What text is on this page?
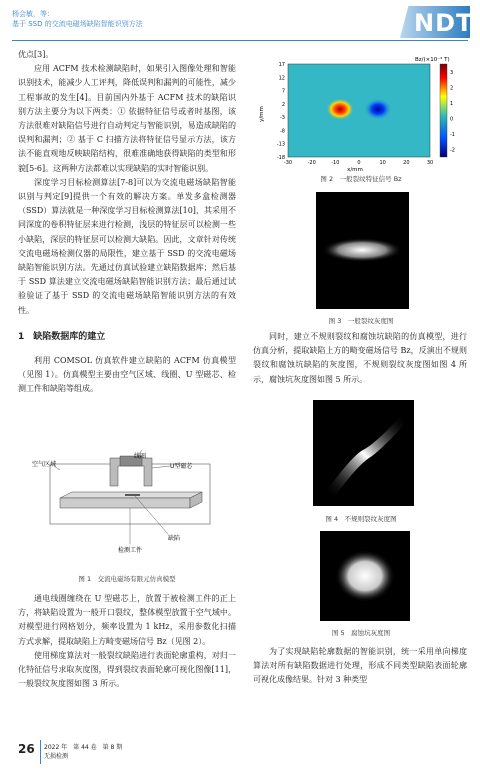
杨会敏，等：
基于 SSD 的交流电磁场缺陷智能识别方法	NDT

优点[3]。

应用 ACFM 技术检测缺陷时，如果引入图像处理和智能识别技术，能减少人工评判，降低误判和漏判的可能性，减少工程事故的发生[4]。目前国内外基于 ACFM 技术的缺陷识别方法主要分为以下两类：① 依据特征信号或者时基图，该方法很难对缺陷信号进行自动判定与智能识别，易造成缺陷的误判和漏判；② 基于 C 扫描方法将特征信号显示方法，该方法不能直观地反映缺陷结构，很难准确地获得缺陷的类型和形貌[5-6]。这两种方法都难以实现缺陷的实时智能识别。

深度学习目标检测算法[7-8]可以为交流电磁场缺陷智能识别与判定[9]提供一个有效的解决方案。单发多盒检测器（SSD）算法就是一种深度学习目标检测算法[10]，其采用不同深度的卷积特征层来进行检测，浅层的特征层可以检测一些小缺陷，深层的特征层可以检测大缺陷。因此，文章针对传统交流电磁场检测仪器的局限性，建立基于 SSD 的交流电磁场缺陷智能识别方法。先通过仿真试验建立缺陷数据库；然后基于 SSD 算法建立交流电磁场缺陷智能识别方法；最后通过试验验证了基于 SSD 的交流电磁场缺陷智能识别方法的有效性。

1　缺陷数据库的建立

利用 COMSOL 仿真软件建立缺陷的 ACFM 仿真模型（见图 1）。仿真模型主要由空气区域、线圈、U 型磁芯、检测工件和缺陷等组成。

线圈
空气区域	U型磁芯
缺陷
检测工件
图 1　交流电磁场有限元仿真模型

通电线圈缠绕在 U 型磁芯上，放置于被检测工件的正上方，将缺陷设置为一般开口裂纹，整体模型放置于空气域中。对模型进行网格划分，频率设置为 1 kHz，采用参数化扫描方式求解，提取缺陷上方畸变磁场信号 Bz（见图 2）。

使用梯度算法对一般裂纹缺陷进行表面轮廓重构，对归一化特征信号求取灰度图，得到裂纹表面轮廓可视化图像[11]，一般裂纹灰度图如图 3 所示。

-30	-20	-10	0	10	20	30
17
12
7
2
-3
-8
-13
-18
3
2
1
0
-1
-2
Bz/(×10⁻⁴ T)
x/mm
y/mm
图 2　一般裂纹特征信号 Bz
图 3　一般裂纹灰度图

同时，建立不规则裂纹和腐蚀坑缺陷的仿真模型，进行仿真分析，提取缺陷上方的畸变磁场信号 Bz，反演出不规则裂纹和腐蚀坑缺陷的灰度图，不规则裂纹灰度图如图 4 所示，腐蚀坑灰度图如图 5 所示。

图 4　不规则裂纹灰度图
图 5　腐蚀坑灰度图

为了实现缺陷轮廓数据的智能识别，统一采用单向梯度算法对所有缺陷数据进行处理，形成不同类型缺陷表面轮廓可视化成像结果。针对 3 种类型

26 2022 年　第 44 卷　第 8 期
无损检测
